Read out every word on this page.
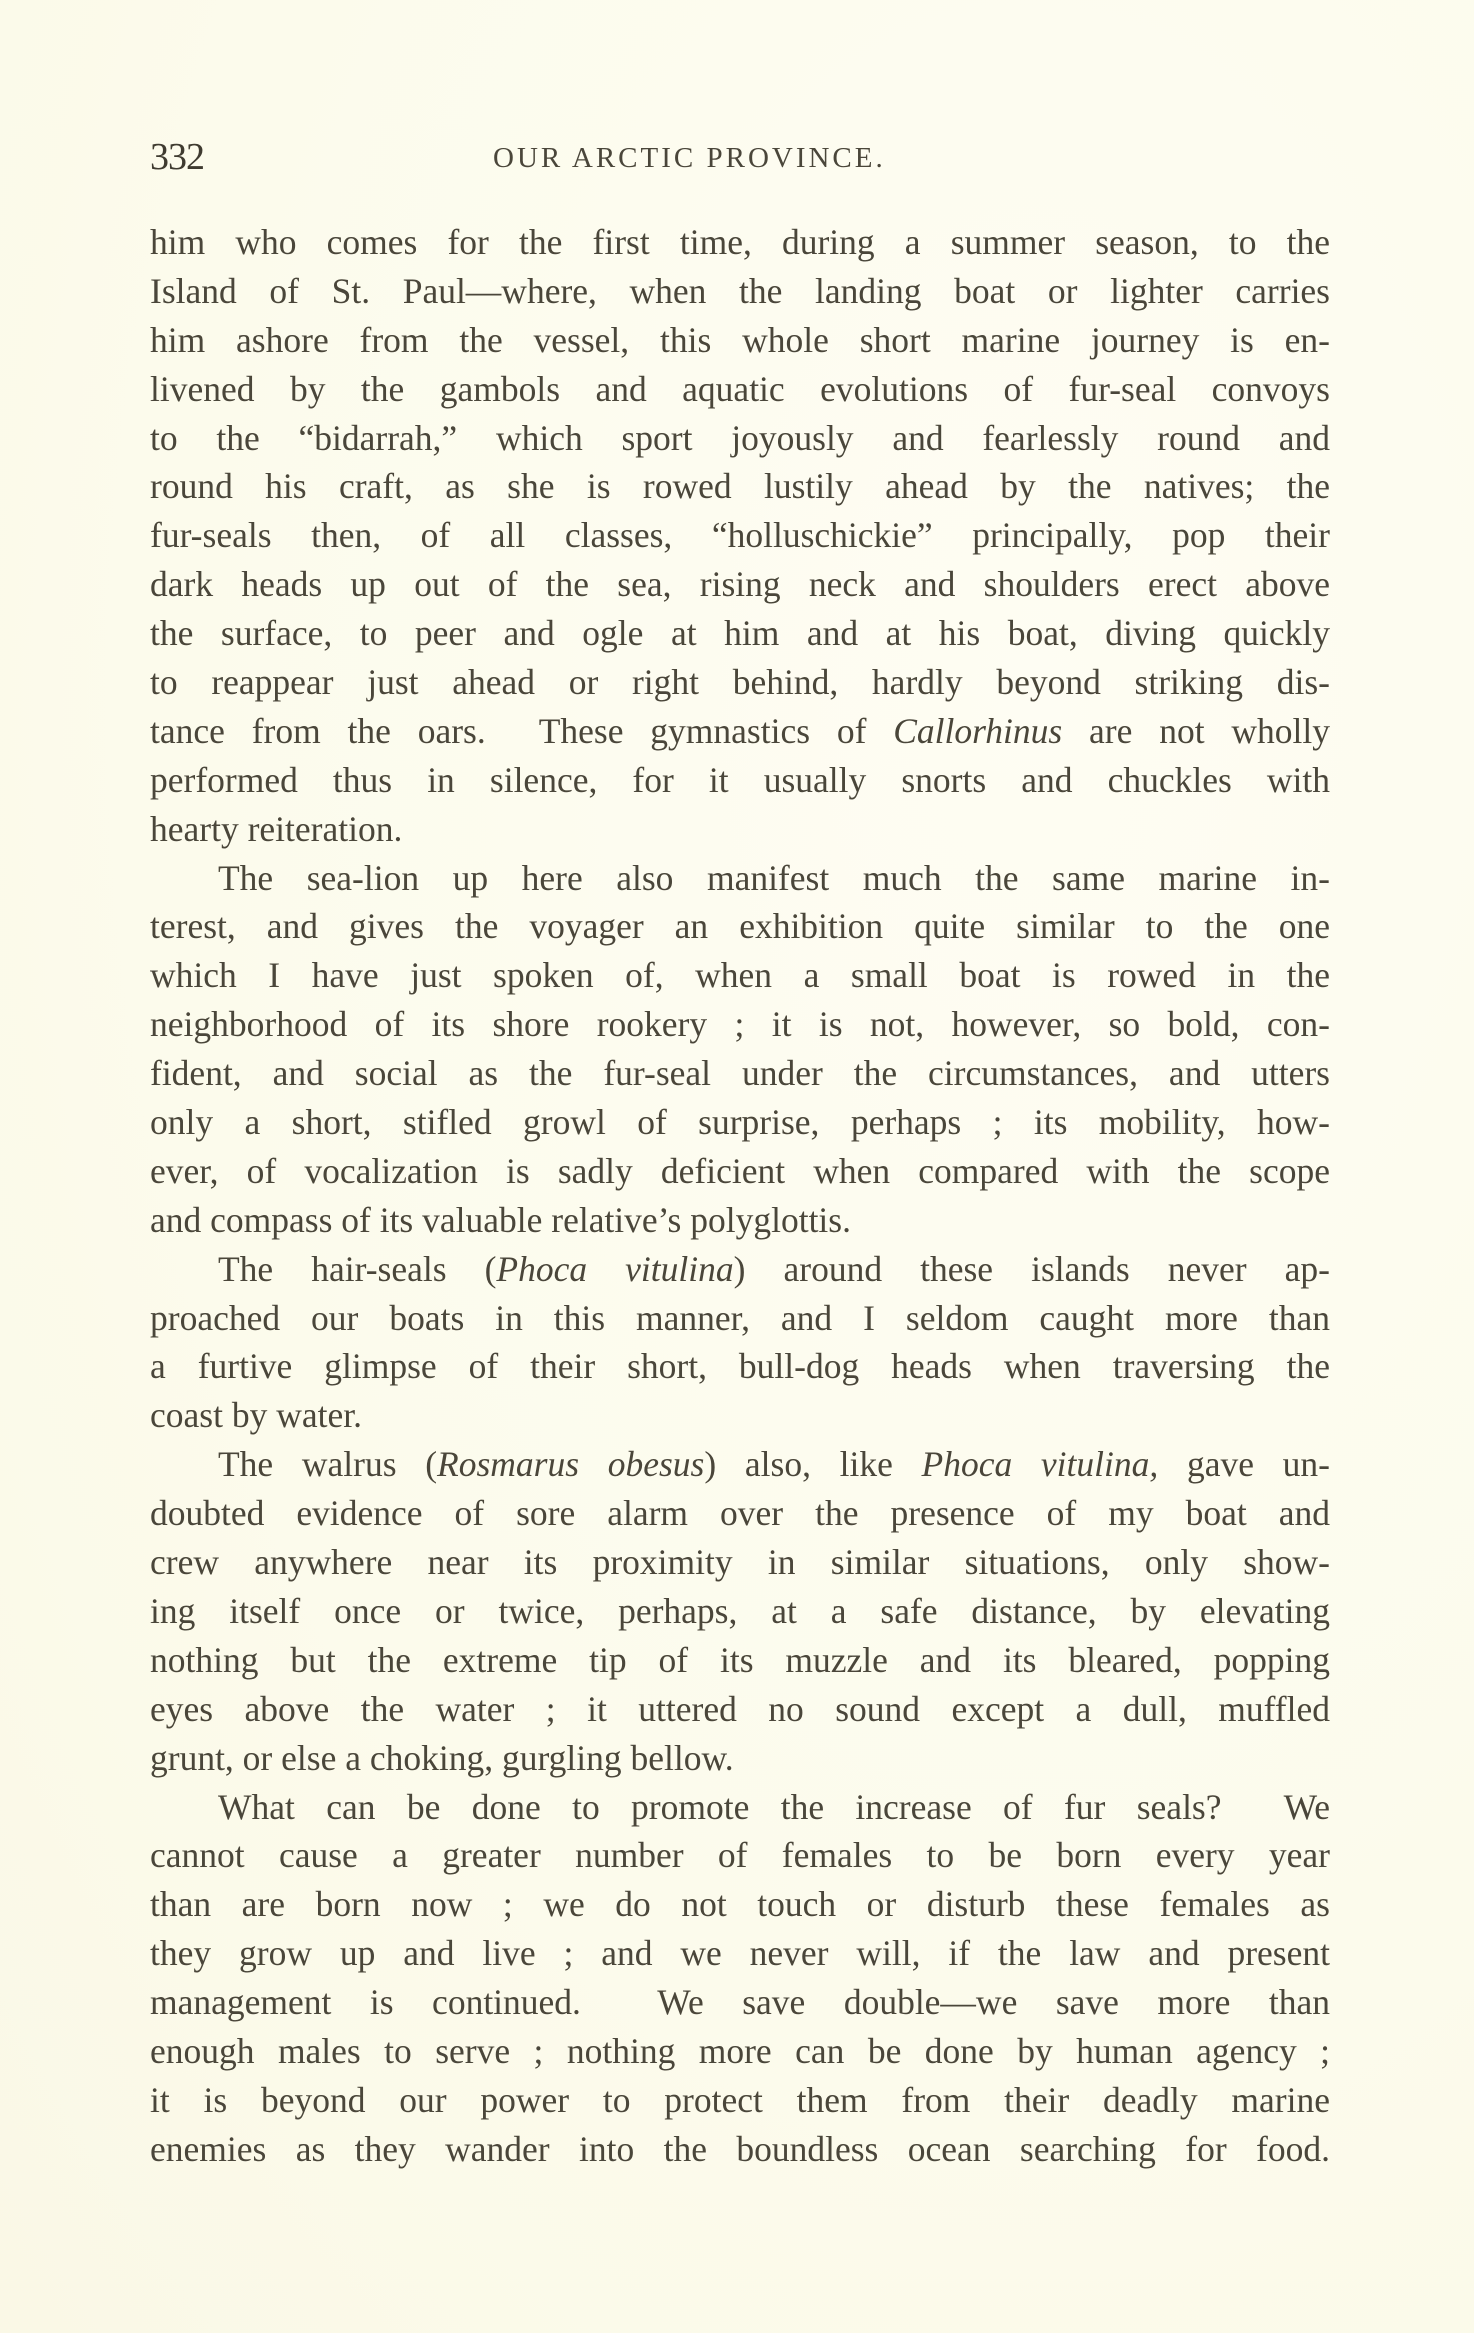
332	OUR ARCTIC PROVINCE.
him who comes for the first time, during a summer season, to the
Island of St. Paul—where, when the landing boat or lighter carries
him ashore from the vessel, this whole short marine journey is en-
livened by the gambols and aquatic evolutions of fur-seal convoys
to the “bidarrah,” which sport joyously and fearlessly round and
round his craft, as she is rowed lustily ahead by the natives; the
fur-seals then, of all classes, “holluschickie” principally, pop their
dark heads up out of the sea, rising neck and shoulders erect above
the surface, to peer and ogle at him and at his boat, diving quickly
to reappear just ahead or right behind, hardly beyond striking dis-
tance from the oars.  These gymnastics of Callorhinus are not wholly
performed thus in silence, for it usually snorts and chuckles with
hearty reiteration.
The sea-lion up here also manifest much the same marine in-
terest, and gives the voyager an exhibition quite similar to the one
which I have just spoken of, when a small boat is rowed in the
neighborhood of its shore rookery ; it is not, however, so bold, con-
fident, and social as the fur-seal under the circumstances, and utters
only a short, stifled growl of surprise, perhaps ; its mobility, how-
ever, of vocalization is sadly deficient when compared with the scope
and compass of its valuable relative’s polyglottis.
The hair-seals (Phoca vitulina) around these islands never ap-
proached our boats in this manner, and I seldom caught more than
a furtive glimpse of their short, bull-dog heads when traversing the
coast by water.
The walrus (Rosmarus obesus) also, like Phoca vitulina, gave un-
doubted evidence of sore alarm over the presence of my boat and
crew anywhere near its proximity in similar situations, only show-
ing itself once or twice, perhaps, at a safe distance, by elevating
nothing but the extreme tip of its muzzle and its bleared, popping
eyes above the water ; it uttered no sound except a dull, muffled
grunt, or else a choking, gurgling bellow.
What can be done to promote the increase of fur seals?  We
cannot cause a greater number of females to be born every year
than are born now ; we do not touch or disturb these females as
they grow up and live ; and we never will, if the law and present
management is continued.  We save double—we save more than
enough males to serve ; nothing more can be done by human agency ;
it is beyond our power to protect them from their deadly marine
enemies as they wander into the boundless ocean searching for food.
